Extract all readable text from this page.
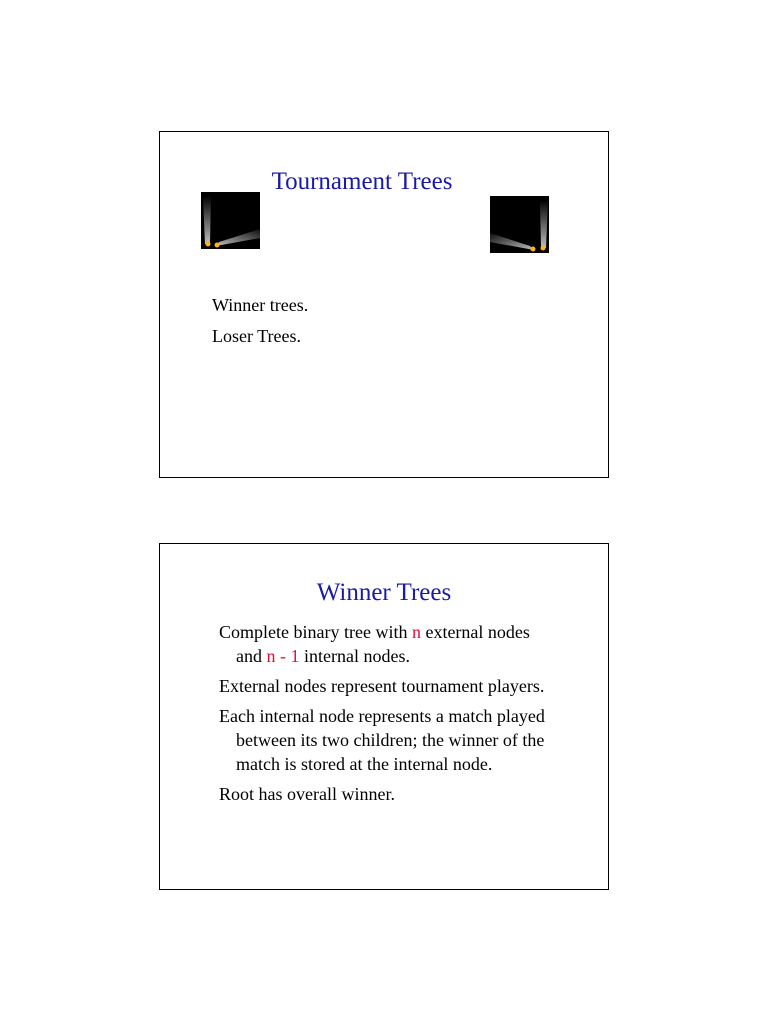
Tournament Trees
Winner trees.
Loser Trees.
Winner Trees
Complete binary tree with n external nodes and n - 1 internal nodes.
External nodes represent tournament players.
Each internal node represents a match played between its two children; the winner of the match is stored at the internal node.
Root has overall winner.
